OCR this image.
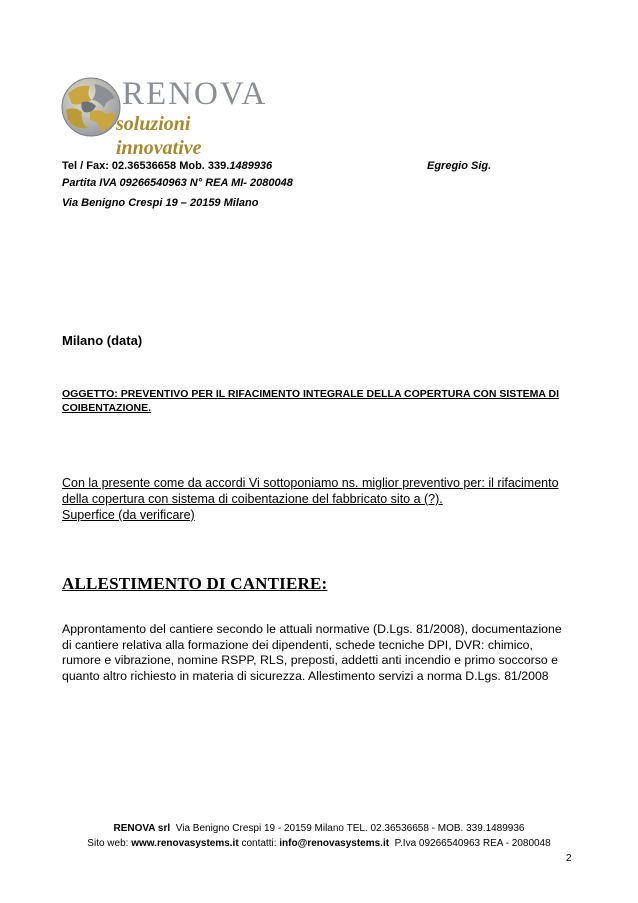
RENOVA
soluzioni innovative
Tel / Fax: 02.36536658 Mob. 339.1489936
Partita IVA 09266540963 N° REA MI- 2080048
Via Benigno Crespi 19 – 20159 Milano
Egregio Sig.
Milano (data)
OGGETTO: PREVENTIVO PER IL RIFACIMENTO INTEGRALE DELLA COPERTURA CON SISTEMA DI COIBENTAZIONE.
Con la presente come da accordi Vi sottoponiamo ns. miglior preventivo per: il rifacimento
della copertura con sistema di coibentazione del fabbricato sito a (?).
Superfice (da verificare)
ALLESTIMENTO DI CANTIERE:
Approntamento del cantiere secondo le attuali normative (D.Lgs. 81/2008), documentazione di cantiere relativa alla formazione dei dipendenti, schede tecniche DPI, DVR: chimico, rumore e vibrazione, nomine RSPP, RLS, preposti, addetti anti incendio e primo soccorso e quanto altro richiesto in materia di sicurezza. Allestimento servizi a norma D.Lgs. 81/2008
RENOVA srl Via Benigno Crespi 19 - 20159 Milano TEL. 02.36536658 - MOB. 339.1489936
Sito web: www.renovasystems.it contatti: info@renovasystems.it P.Iva 09266540963 REA - 2080048
2
